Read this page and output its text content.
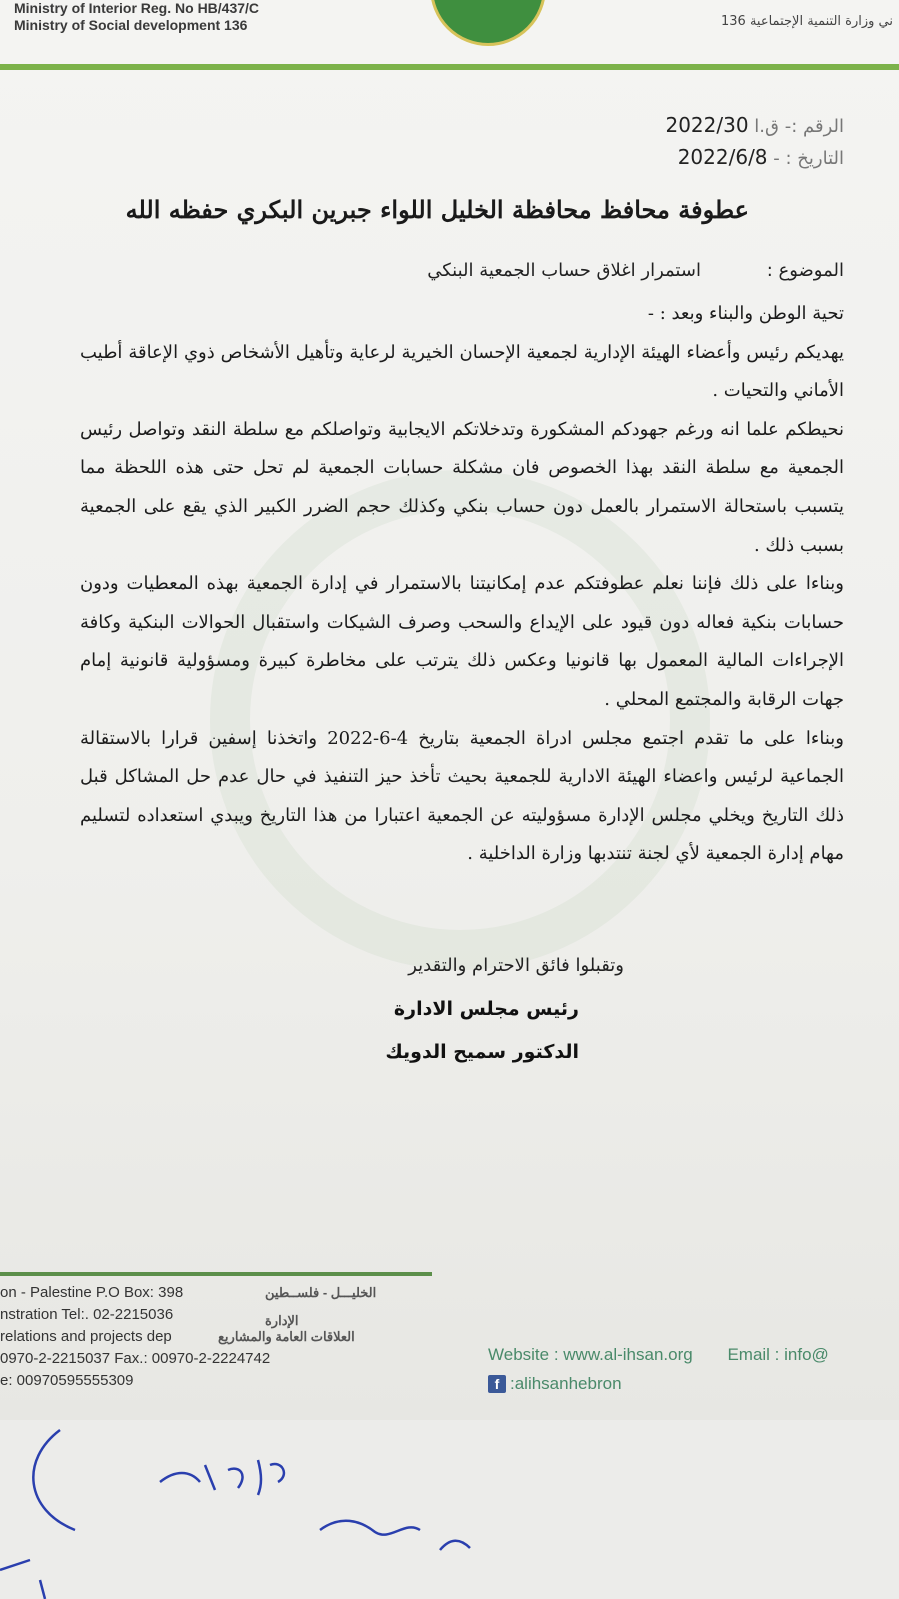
Ministry of Interior Reg. No HB/437/C
Ministry of Social development 136	ني وزارة التنمية الإجتماعية 136
الرقم :- ق.ا 2022/30
التاريخ : - 2022/6/8
عطوفة محافظ محافظة الخليل اللواء جبرين البكري حفظه الله
الموضوع : استمرار اغلاق حساب الجمعية البنكي

تحية الوطن والبناء وبعد : -

يهديكم رئيس وأعضاء الهيئة الإدارية لجمعية الإحسان الخيرية لرعاية وتأهيل الأشخاص ذوي الإعاقة أطيب الأماني والتحيات .

نحيطكم علما انه ورغم جهودكم المشكورة وتدخلاتكم الايجابية وتواصلكم مع سلطة النقد وتواصل رئيس الجمعية مع سلطة النقد بهذا الخصوص فان مشكلة حسابات الجمعية لم تحل حتى هذه اللحظة مما يتسبب باستحالة الاستمرار بالعمل دون حساب بنكي وكذلك حجم الضرر الكبير الذي يقع على الجمعية بسبب ذلك .

وبناءا على ذلك فإننا نعلم عطوفتكم عدم إمكانيتنا بالاستمرار في إدارة الجمعية بهذه المعطيات ودون حسابات بنكية فعاله دون قيود على الإيداع والسحب وصرف الشيكات واستقبال الحوالات البنكية وكافة الإجراءات المالية المعمول بها قانونيا وعكس ذلك يترتب على مخاطرة كبيرة ومسؤولية قانونية إمام جهات الرقابة والمجتمع المحلي .

وبناءا على ما تقدم اجتمع مجلس ادراة الجمعية بتاريخ 4-6-2022 واتخذنا إسفين قرارا بالاستقالة الجماعية لرئيس واعضاء الهيئة الادارية للجمعية بحيث تأخذ حيز التنفيذ في حال عدم حل المشاكل قبل ذلك التاريخ ويخلي مجلس الإدارة مسؤوليته عن الجمعية اعتبارا من هذا التاريخ ويبدي استعداده لتسليم مهام إدارة الجمعية لأي لجنة تنتدبها وزارة الداخلية .

وتقبلوا فائق الاحترام والتقدير
رئيس مجلس الادارة
الدكتور سميح الدويك
on - Palestine P.O Box: 398	الخليـــل - فلســطين
nstration Tel:. 02-2215036	الإدارة
relations and projects dep	العلاقات العامة والمشاريع
0970-2-2215037 Fax.: 00970-2-2224742
e: 00970595555309
Website : www.al-ihsan.org Email : info@
f :alihsanhebron
